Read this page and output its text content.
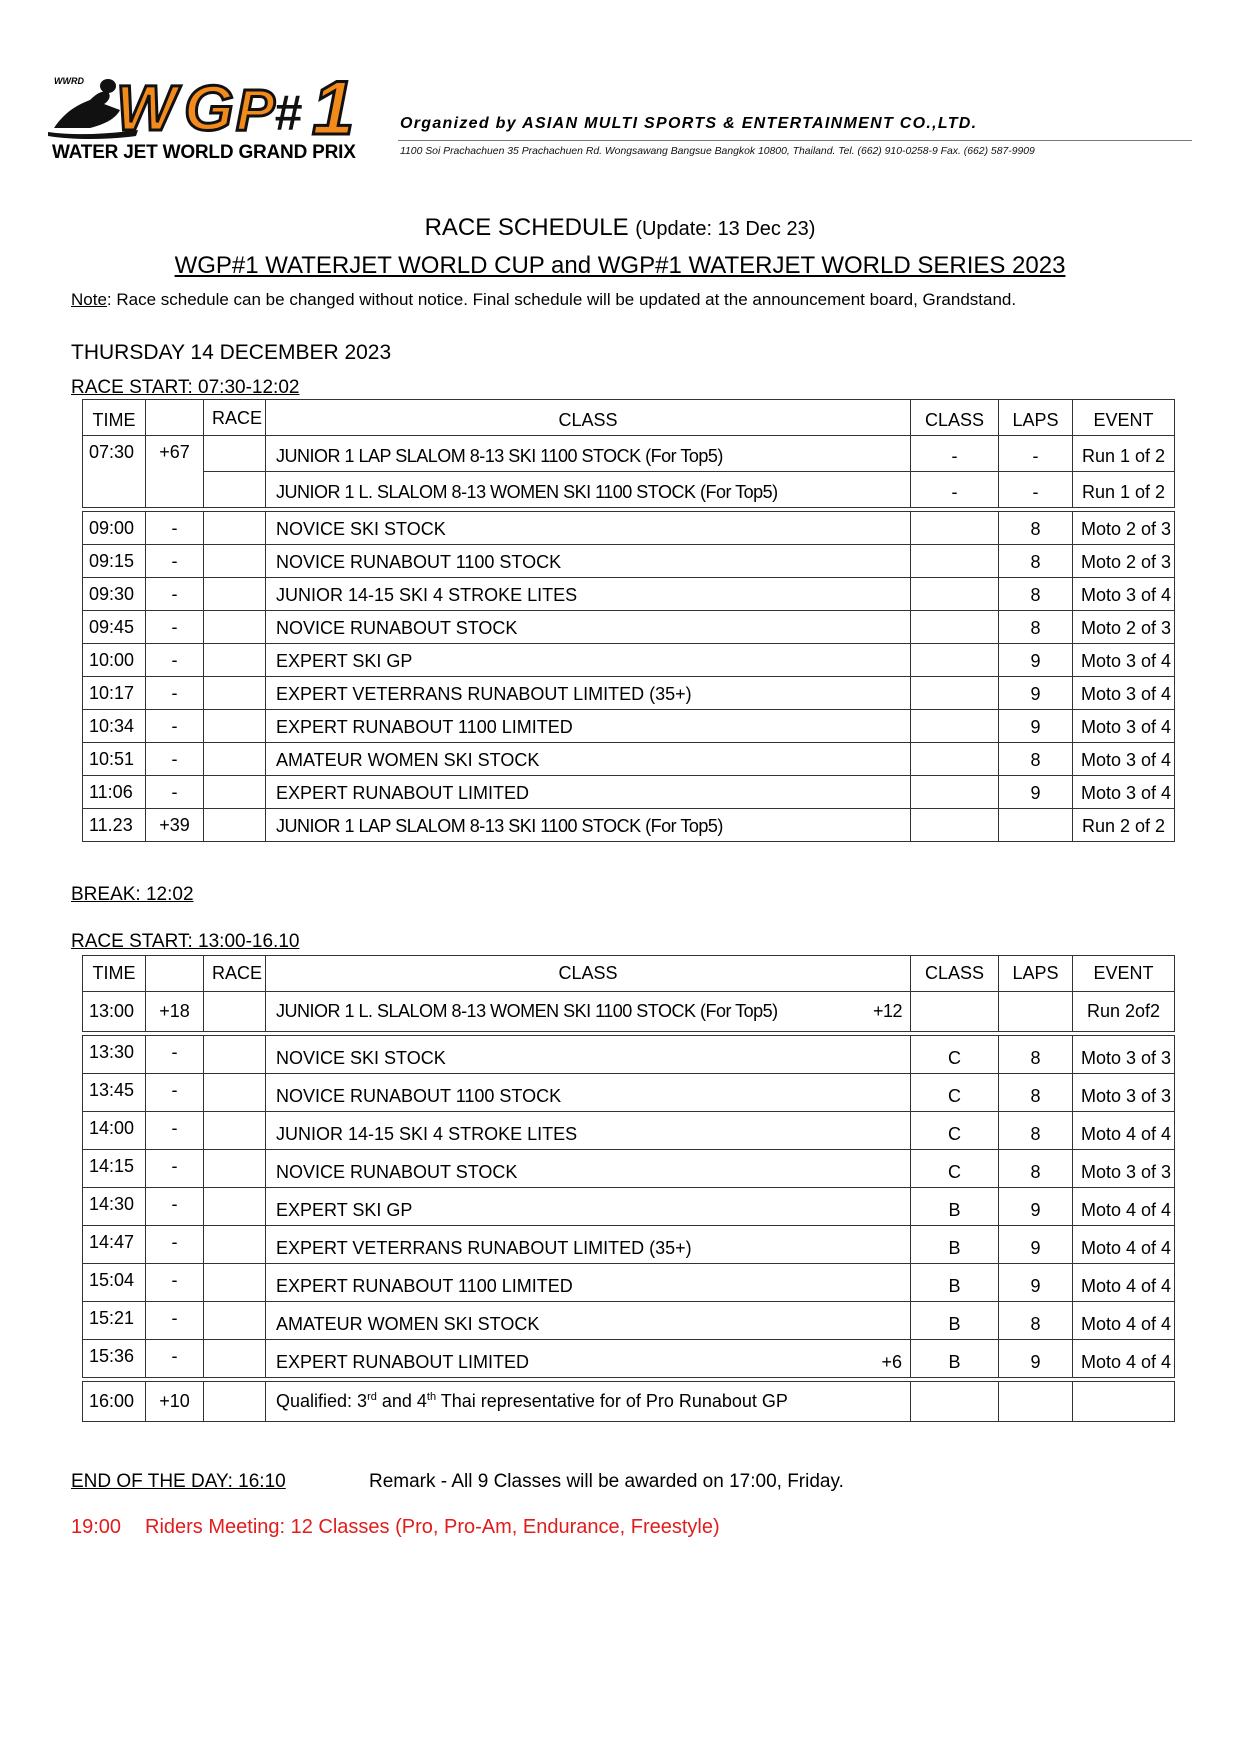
W G P # 1
WWRD
WATER JET WORLD GRAND PRIX
Organized by ASIAN MULTI SPORTS & ENTERTAINMENT CO.,LTD.
1100 Soi Prachachuen 35 Prachachuen Rd. Wongsawang Bangsue Bangkok 10800, Thailand. Tel. (662) 910-0258-9 Fax. (662) 587-9909
RACE SCHEDULE (Update: 13 Dec 23)
WGP#1 WATERJET WORLD CUP and WGP#1 WATERJET WORLD SERIES 2023
Note: Race schedule can be changed without notice. Final schedule will be updated at the announcement board, Grandstand.
THURSDAY 14 DECEMBER 2023
RACE START: 07:30-12:02
TIME		RACE	CLASS	CLASS	LAPS	EVENT
07:30	+67		JUNIOR 1 LAP SLALOM 8-13 SKI 1100 STOCK (For Top5)	-	-	Run 1 of 2
			JUNIOR 1 L. SLALOM 8-13 WOMEN SKI 1100 STOCK (For Top5)	-	-	Run 1 of 2

09:00	-		NOVICE SKI STOCK		8	Moto 2 of 3
09:15	-		NOVICE RUNABOUT 1100 STOCK		8	Moto 2 of 3
09:30	-		JUNIOR 14-15 SKI 4 STROKE LITES		8	Moto 3 of 4
09:45	-		NOVICE RUNABOUT STOCK		8	Moto 2 of 3
10:00	-		EXPERT SKI GP		9	Moto 3 of 4
10:17	-		EXPERT VETERRANS RUNABOUT LIMITED (35+)		9	Moto 3 of 4
10:34	-		EXPERT RUNABOUT 1100 LIMITED		9	Moto 3 of 4
10:51	-		AMATEUR WOMEN SKI STOCK		8	Moto 3 of 4
11:06	-		EXPERT RUNABOUT LIMITED		9	Moto 3 of 4
11.23	+39		JUNIOR 1 LAP SLALOM 8-13 SKI 1100 STOCK (For Top5)			Run 2 of 2
BREAK: 12:02
RACE START: 13:00-16.10
TIME		RACE	CLASS	CLASS	LAPS	EVENT
13:00	+18		JUNIOR 1 L. SLALOM 8-13 WOMEN SKI 1100 STOCK (For Top5) +12			Run 2of2

13:30	-		NOVICE SKI STOCK	C	8	Moto 3 of 3
13:45	-		NOVICE RUNABOUT 1100 STOCK	C	8	Moto 3 of 3
14:00	-		JUNIOR 14-15 SKI 4 STROKE LITES	C	8	Moto 4 of 4
14:15	-		NOVICE RUNABOUT STOCK	C	8	Moto 3 of 3
14:30	-		EXPERT SKI GP	B	9	Moto 4 of 4
14:47	-		EXPERT VETERRANS RUNABOUT LIMITED (35+)	B	9	Moto 4 of 4
15:04	-		EXPERT RUNABOUT 1100 LIMITED	B	9	Moto 4 of 4
15:21	-		AMATEUR WOMEN SKI STOCK	B	8	Moto 4 of 4
15:36	-		EXPERT RUNABOUT LIMITED +6	B	9	Moto 4 of 4

16:00	+10		Qualified: 3rd and 4th Thai representative for of Pro Runabout GP			
END OF THE DAY: 16:10	Remark - All 9 Classes will be awarded on 17:00, Friday.
19:00 Riders Meeting: 12 Classes (Pro, Pro-Am, Endurance, Freestyle)
